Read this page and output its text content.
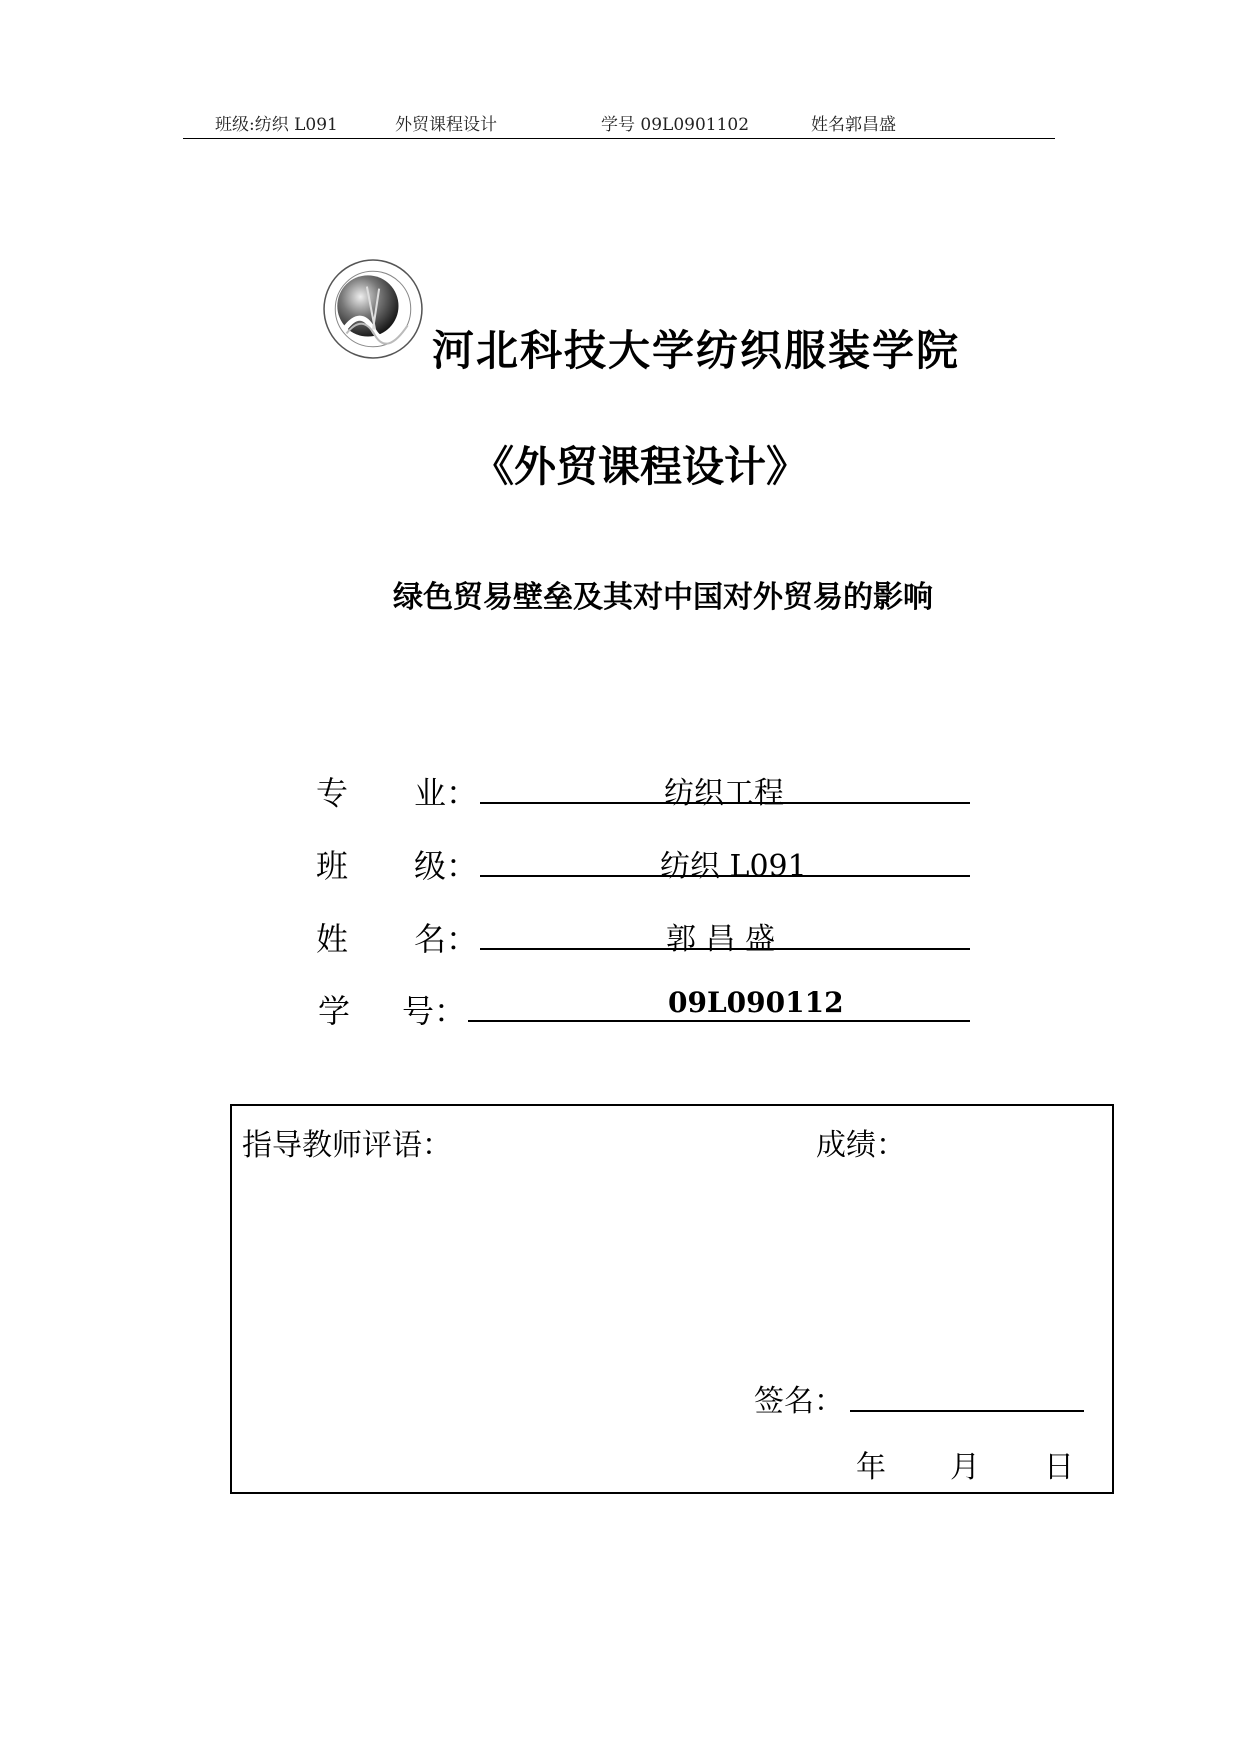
班级:纺织 L091	外贸课程设计	学号 09L0901102	姓名郭昌盛
河北科技大学纺织服装学院
《外贸课程设计》
绿色贸易壁垒及其对中国对外贸易的影响
专 业：	纺织工程
班 级：	纺织 L091
姓 名：	郭 昌 盛
学 号：	09L090112
指导教师评语：	成绩：
签名：
年 月 日
